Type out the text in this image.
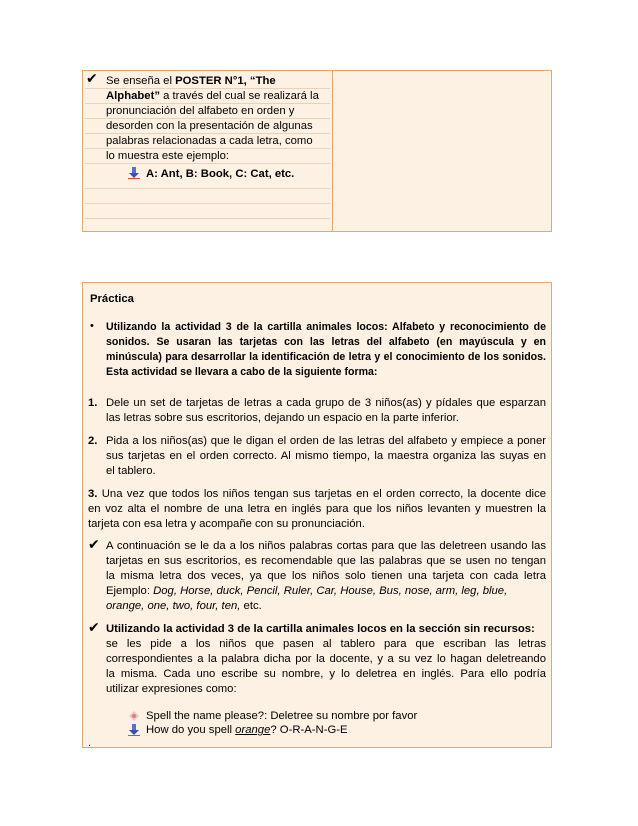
✔ Se enseña el POSTER N°1, “The
Alphabet” a través del cual se realizará la
pronunciación del alfabeto en orden y
desorden con la presentación de algunas
palabras relacionadas a cada letra, como
lo muestra este ejemplo:
A: Ant, B: Book, C: Cat, etc.
Práctica
• Utilizando la actividad 3 de la cartilla animales locos: Alfabeto y reconocimiento de
sonidos. Se usaran las tarjetas con las letras del alfabeto (en mayúscula y en
minúscula) para desarrollar la identificación de letra y el conocimiento de los sonidos.
Esta actividad se llevara a cabo de la siguiente forma:
1. Dele un set de tarjetas de letras a cada grupo de 3 niños(as) y pídales que esparzan
las letras sobre sus escritorios, dejando un espacio en la parte inferior.
2. Pida a los niños(as) que le digan el orden de las letras del alfabeto y empiece a poner
sus tarjetas en el orden correcto. Al mismo tiempo, la maestra organiza las suyas en
el tablero.
3. Una vez que todos los niños tengan sus tarjetas en el orden correcto, la docente dice
en voz alta el nombre de una letra en inglés para que los niños levanten y muestren la
tarjeta con esa letra y acompañe con su pronunciación.
✔ A continuación se le da a los niños palabras cortas para que las deletreen usando las
tarjetas en sus escritorios, es recomendable que las palabras que se usen no tengan
la misma letra dos veces, ya que los niños solo tienen una tarjeta con cada letra
Ejemplo: Dog, Horse, duck, Pencil, Ruler, Car, House, Bus, nose, arm, leg, blue,
orange, one, two, four, ten, etc.
✔ Utilizando la actividad 3 de la cartilla animales locos en la sección sin recursos:
se les pide a los niños que pasen al tablero para que escriban las letras
correspondientes a la palabra dicha por la docente, y a su vez lo hagan deletreando
la misma. Cada uno escribe su nombre, y lo deletrea en inglés. Para ello podría
utilizar expresiones como:
Spell the name please?: Deletree su nombre por favor
How do you spell orange? O-R-A-N-G-E
.
